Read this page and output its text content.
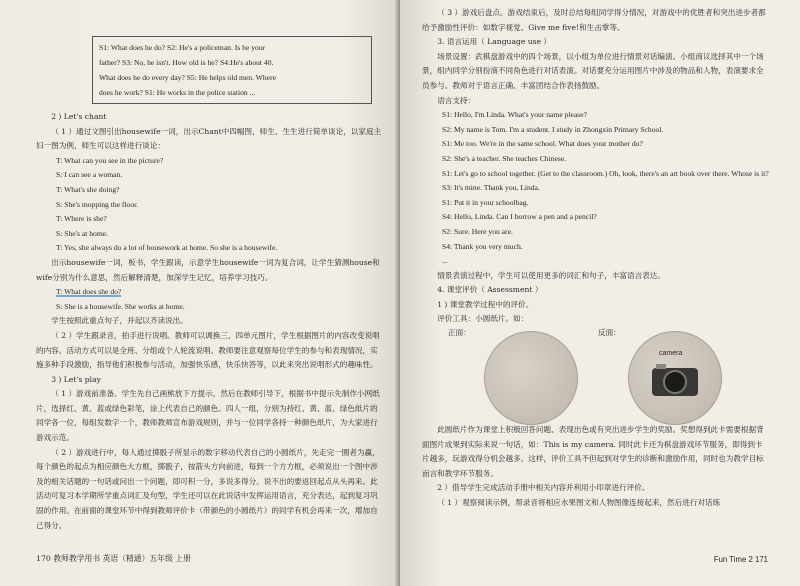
S1: What does he do? S2: He's a policeman. Is he your
father? S3: No, he isn't. How old is he? S4:He's about 40.
What does he do every day? S5: He helps old men. Where
does he work? S1: He works in the police station ...

2 ) Let's chant

（ 1 ）通过文图引出housewife一词，出示Chant中四幅图，师生、生生进行简单谈论，以家庭主妇一图为例，师生可以这样进行谈论：

T: What can you see in the picture?

S: I can see a woman.

T: What's she doing?

S: She's mopping the floor.

T: Where is she?

S: She's at home.

T: Yes, she always do a lot of housework at home. So she is a housewife.

出示housewife一词，板书，学生跟读，示意学生housewife一词为复合词，让学生猜测house和wife分别为什么意思，然后解释清楚，加深学生记忆，培养学习技巧。

T: What does she do?

S: She is a housewife. She works at home.

学生按照此重点句子，并起以齐读说出。

（ 2 ）学生跟录音，拍手进行说唱。教师可以调换三、四单元图片，学生根据图片的内容改变说唱的内容。活动方式可以是全班、分组或个人轮流说唱。教师要注意观察每位学生的参与和表现情况，实施多种手段激励，指导他们积极参与活动，加强快乐感，快乐快答等，以此来突出说唱形式的趣味性。

3 ) Let's play

（ 1 ）游戏前准备。学生先自己画熊放下方提示，然后在教师引导下，根据书中提示先制作小网纸片，选择红、黄、蓝或绿色彩笔，涂上代表自己的颜色。四人一组，分别为持红、黄、蓝、绿色纸片的同学各一位，每组发数字一个，教师教师宣布游戏规则，并与一位同学各持一种颜色纸片，为大家进行游戏示范。

（ 2 ）游戏进行中，每人通过掷骰子所显示的数字移动代表自己的小圆纸片，先走完一圈者为赢，每个颜色的起点为相应颜色大方框，掷骰子，按箭头方向前进，每到一个方方框，必须说出一个图中涉及的相关话题的一句话或问出一个问题，即可积一分，多说多得分。说不出的要返回起点从头再来。此活动可复习本学期所学重点词汇及句型，学生还可以在此说话中发挥运用语言，充分表达，起到复习巩固的作用。在前面的课堂环节中得到教师评价卡（带颜色的小圆纸片）的同学有机会再来一次，增加自己得分。

170 教师教学用书 英语（精通）五年级 上册

（ 3 ）游戏后盘点。游戏结束后，及时总结每组同学得分情况，对游戏中的优胜者和突出进步者都给予激励性评价：如数字视觉、Give me five!和生击掌等。

3. 语言运用（ Language use ）

场景设置：武棋盘游戏中的四个场景，以小组为单位进行情景对话编演。小组商议选择其中一个场景，组内同学分别扮演不同角色进行对话表演。对话要充分运用图片中涉及的物品和人物，表演要求全员参与。教师对于语言正确、丰富团结合作表扬鼓励。

语言支持：

S1: Hello, I'm Linda. What's your name please?

S2: My name is Tom. I'm a student. I study in Zhongxin Primary School.

S1: Me too. We're in the same school. What does your mother do?

S2: She's a teacher. She teaches Chinese.

S1: Let's go to school together. (Get to the classroom.) Oh, look, there's an art book over there. Whose is it?

S3: It's mine. Thank you, Linda.

S1: Put it in your schoolbag.

S4: Hello, Linda. Can I borrow a pen and a pencil?

S2: Sure. Here you are.

S4: Thank you very much.

...

情景表演过程中，学生可以使用更多的词汇和句子，丰富语言表达。

4. 课堂评价（ Assessment ）

1 ) 课堂教学过程中的评价。

评价工具：小圆纸片。如：

正面：	反面：
camera

此圆纸片作为课堂上积极回答问题、表现出色或有突出进步学生的奖励。奖想得到此卡需要根据背面图片成果到实际来说一句话，如：This is my camera. 同时此卡还为棋盘游戏环节服务，即得到卡片越多，玩游戏得分机会越多。这样，评价工具不但起到对学生的诊断和激励作用，同时也为教学目标而言和教学环节服务。

2 ）借导学生完成活动手册中相关内容并利用小印章进行评价。

（ 1 ）观察阅读示例，帮录音将相应水果图文和人物图像连接起来，然后进行对话练

Fun Time 2 171
